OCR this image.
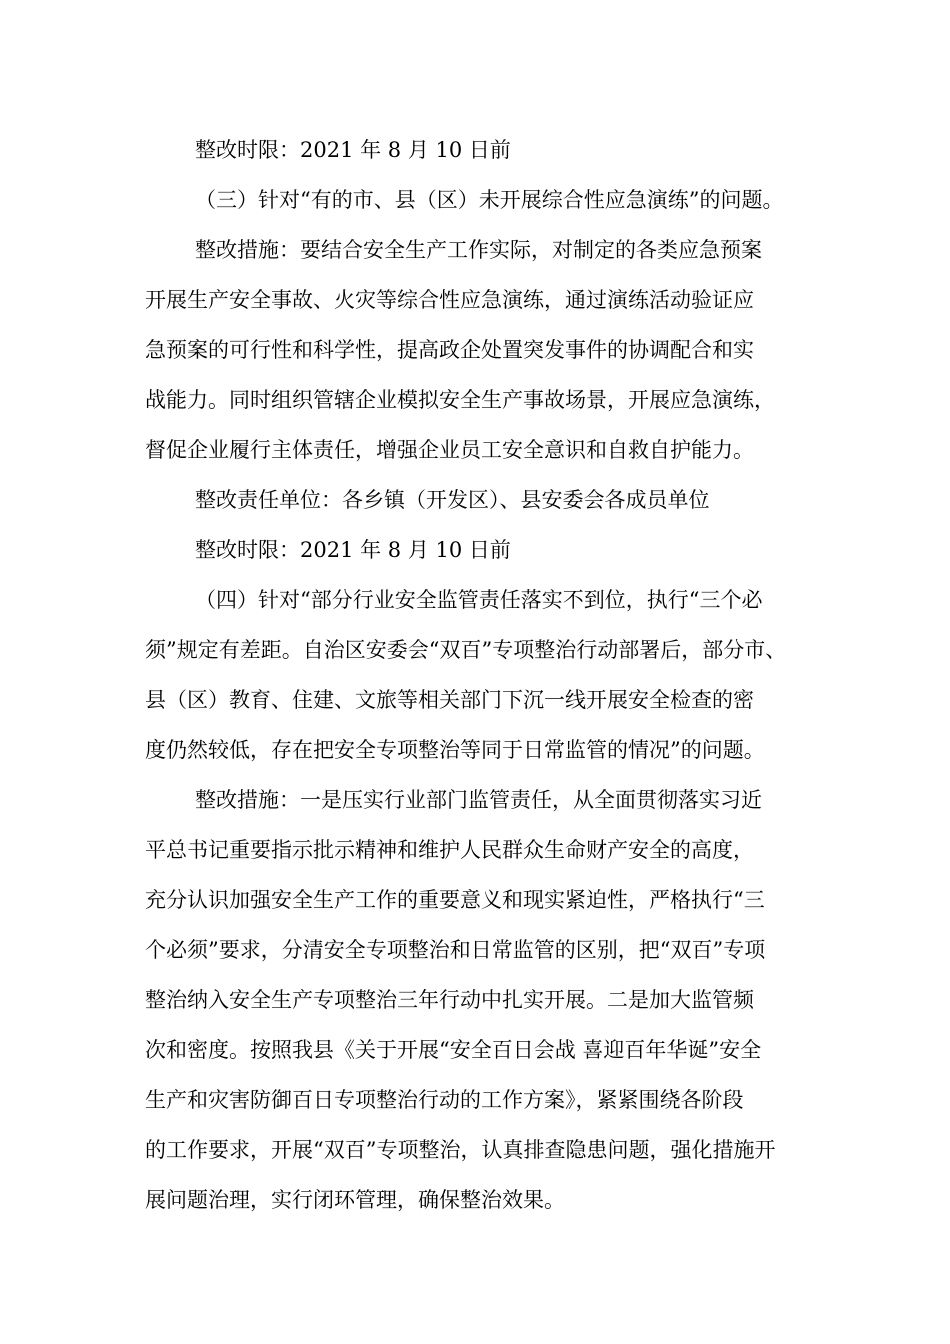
整改时限：2021 年 8 月 10 日前
（三）针对“有的市、县（区）未开展综合性应急演练”的问题。
整改措施：要结合安全生产工作实际，对制定的各类应急预案
开展生产安全事故、火灾等综合性应急演练，通过演练活动验证应
急预案的可行性和科学性，提高政企处置突发事件的协调配合和实
战能力。同时组织管辖企业模拟安全生产事故场景，开展应急演练，
督促企业履行主体责任，增强企业员工安全意识和自救自护能力。
整改责任单位：各乡镇（开发区）、县安委会各成员单位
整改时限：2021 年 8 月 10 日前
（四）针对“部分行业安全监管责任落实不到位，执行“三个必
须”规定有差距。自治区安委会“双百”专项整治行动部署后，部分市、
县（区）教育、住建、文旅等相关部门下沉一线开展安全检查的密
度仍然较低，存在把安全专项整治等同于日常监管的情况”的问题。
整改措施：一是压实行业部门监管责任，从全面贯彻落实习近
平总书记重要指示批示精神和维护人民群众生命财产安全的高度，
充分认识加强安全生产工作的重要意义和现实紧迫性，严格执行“三
个必须”要求，分清安全专项整治和日常监管的区别，把“双百”专项
整治纳入安全生产专项整治三年行动中扎实开展。二是加大监管频
次和密度。按照我县《关于开展“安全百日会战 喜迎百年华诞”安全
生产和灾害防御百日专项整治行动的工作方案》，紧紧围绕各阶段
的工作要求，开展“双百”专项整治，认真排查隐患问题，强化措施开
展问题治理，实行闭环管理，确保整治效果。
